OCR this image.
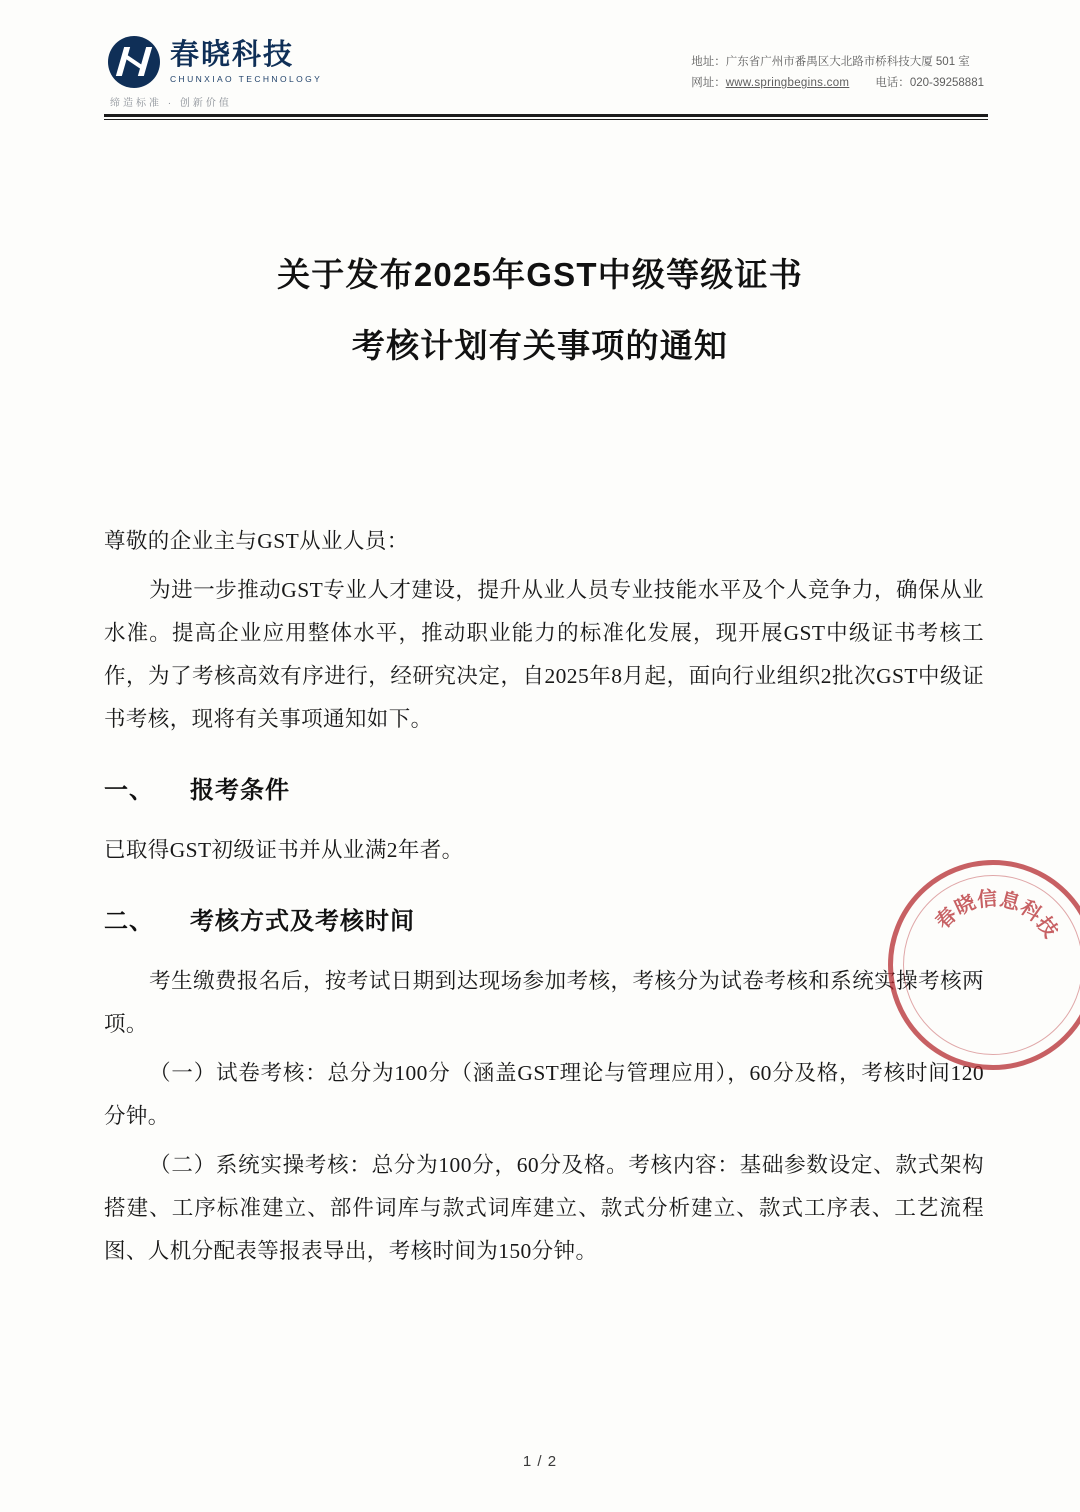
春晓科技
CHUNXIAO TECHNOLOGY
缔造标准 · 创新价值
地址：广东省广州市番禺区大北路市桥科技大厦 501 室
网址：www.springbegins.com 电话：020-39258881
关于发布2025年GST中级等级证书
考核计划有关事项的通知

尊敬的企业主与GST从业人员：

为进一步推动GST专业人才建设，提升从业人员专业技能水平及个人竞争力，确保从业水准。提高企业应用整体水平，推动职业能力的标准化发展，现开展GST中级证书考核工作，为了考核高效有序进行，经研究决定，自2025年8月起，面向行业组织2批次GST中级证书考核，现将有关事项通知如下。

一、	报考条件

已取得GST初级证书并从业满2年者。

二、	考核方式及考核时间

考生缴费报名后，按考试日期到达现场参加考核，考核分为试卷考核和系统实操考核两项。

（一）试卷考核：总分为100分（涵盖GST理论与管理应用），60分及格，考核时间120分钟。

（二）系统实操考核：总分为100分，60分及格。考核内容：基础参数设定、款式架构搭建、工序标准建立、部件词库与款式词库建立、款式分析建立、款式工序表、工艺流程图、人机分配表等报表导出，考核时间为150分钟。

春
晓
信 息
科
技
1 / 2
